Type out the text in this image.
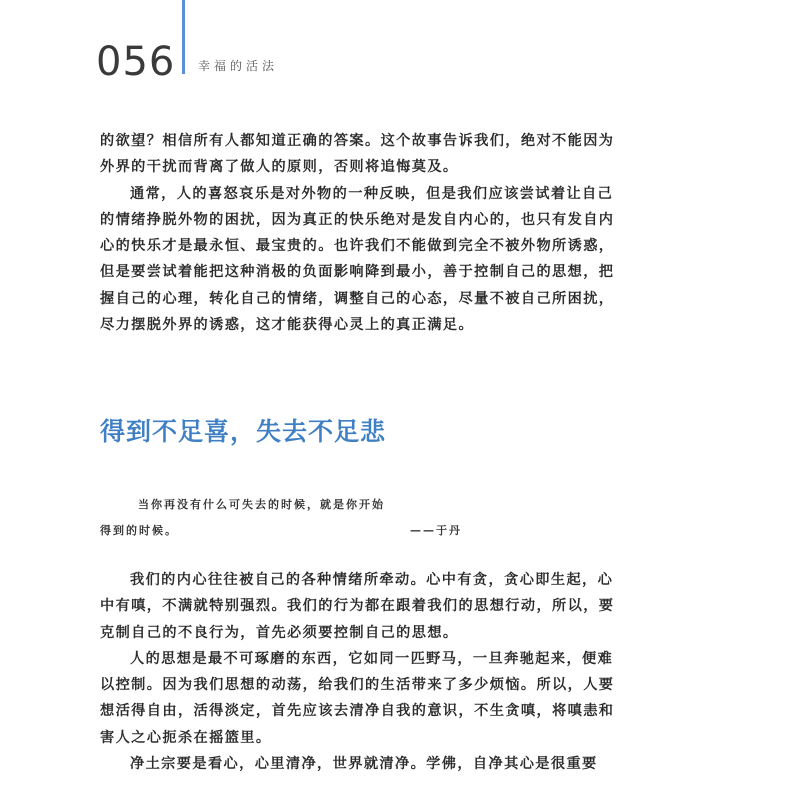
056 幸福的活法

的欲望？相信所有人都知道正确的答案。这个故事告诉我们，绝对不能因为

外界的干扰而背离了做人的原则，否则将追悔莫及。

通常，人的喜怒哀乐是对外物的一种反映，但是我们应该尝试着让自己

的情绪挣脱外物的困扰，因为真正的快乐绝对是发自内心的，也只有发自内

心的快乐才是最永恒、最宝贵的。也许我们不能做到完全不被外物所诱惑，

但是要尝试着能把这种消极的负面影响降到最小，善于控制自己的思想，把

握自己的心理，转化自己的情绪，调整自己的心态，尽量不被自己所困扰，

尽力摆脱外界的诱惑，这才能获得心灵上的真正满足。

得到不足喜，失去不足悲

当你再没有什么可失去的时候，就是你开始

得到的时候。	——于丹

我们的内心往往被自己的各种情绪所牵动。心中有贪，贪心即生起，心

中有嗔，不满就特别强烈。我们的行为都在跟着我们的思想行动，所以，要

克制自己的不良行为，首先必须要控制自己的思想。

人的思想是最不可琢磨的东西，它如同一匹野马，一旦奔驰起来，便难

以控制。因为我们思想的动荡，给我们的生活带来了多少烦恼。所以，人要

想活得自由，活得淡定，首先应该去清净自我的意识，不生贪嗔，将嗔恚和

害人之心扼杀在摇篮里。

净土宗要是看心，心里清净，世界就清净。学佛，自净其心是很重要
